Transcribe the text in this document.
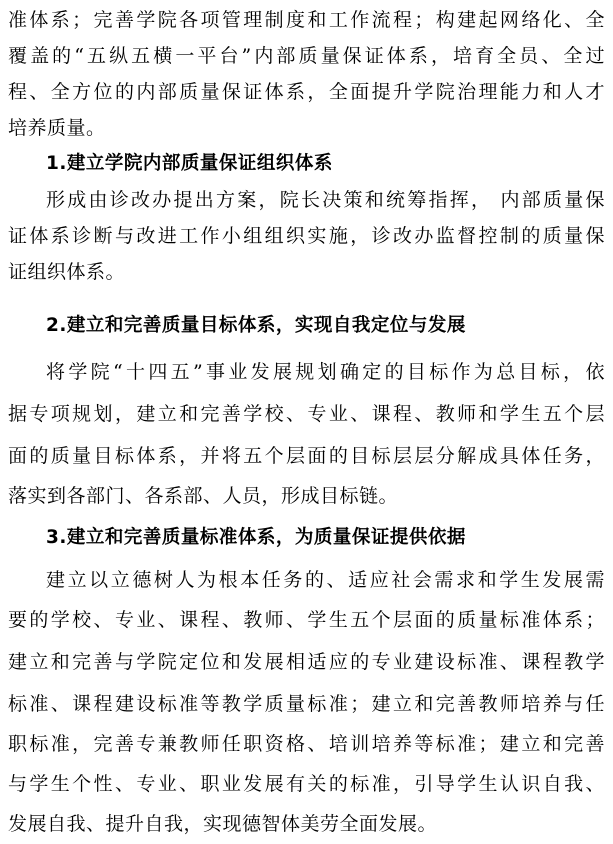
准体系；完善学院各项管理制度和工作流程；构建起网络化、全
覆盖的“五纵五横一平台”内部质量保证体系，培育全员、全过
程、全方位的内部质量保证体系，全面提升学院治理能力和人才
培养质量。
1.建立学院内部质量保证组织体系
形成由诊改办提出方案，院长决策和统筹指挥， 内部质量保
证体系诊断与改进工作小组组织实施，诊改办监督控制的质量保
证组织体系。
2.建立和完善质量目标体系，实现自我定位与发展
将学院“十四五”事业发展规划确定的目标作为总目标，依
据专项规划，建立和完善学校、专业、课程、教师和学生五个层
面的质量目标体系，并将五个层面的目标层层分解成具体任务，
落实到各部门、各系部、人员，形成目标链。
3.建立和完善质量标准体系，为质量保证提供依据
建立以立德树人为根本任务的、适应社会需求和学生发展需
要的学校、专业、课程、教师、学生五个层面的质量标准体系；
建立和完善与学院定位和发展相适应的专业建设标准、课程教学
标准、课程建设标准等教学质量标准；建立和完善教师培养与任
职标准，完善专兼教师任职资格、培训培养等标准；建立和完善
与学生个性、专业、职业发展有关的标准，引导学生认识自我、
发展自我、提升自我，实现德智体美劳全面发展。
